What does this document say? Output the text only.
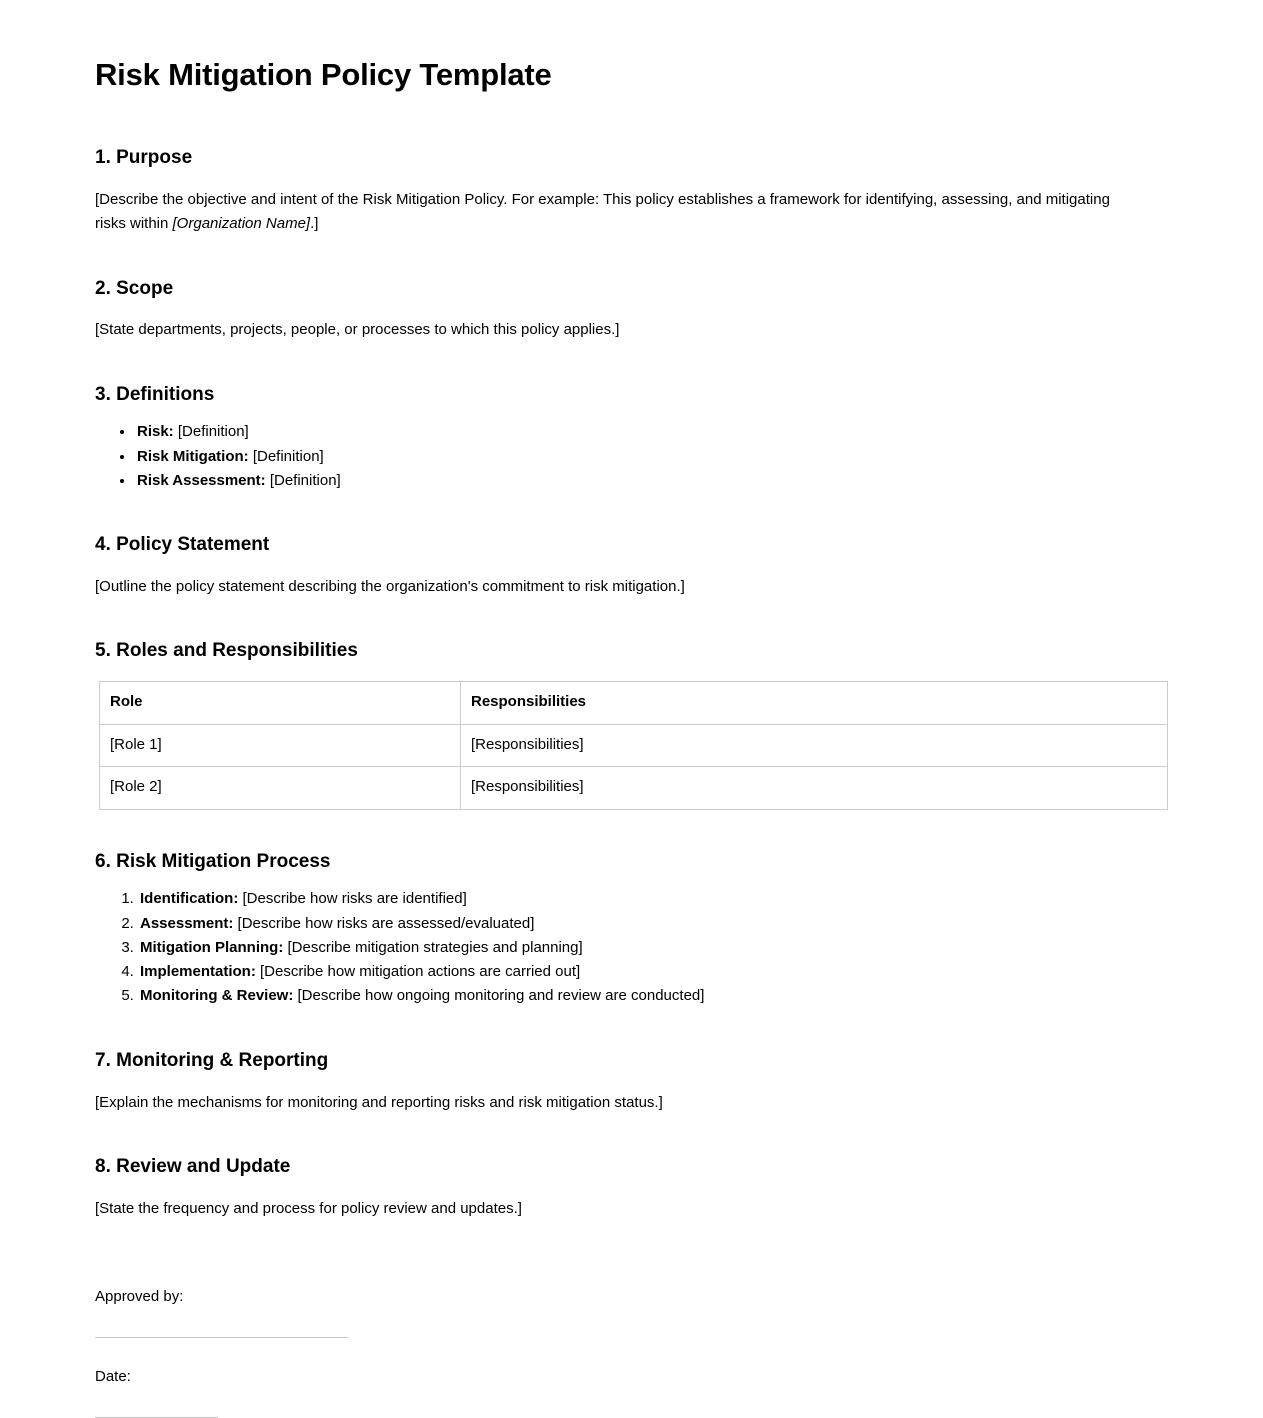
Risk Mitigation Policy Template
1. Purpose

[Describe the objective and intent of the Risk Mitigation Policy. For example: This policy establishes a framework for identifying, assessing, and mitigating risks within [Organization Name].]

2. Scope

[State departments, projects, people, or processes to which this policy applies.]

3. Definitions
• Risk: [Definition]
• Risk Mitigation: [Definition]
• Risk Assessment: [Definition]
4. Policy Statement

[Outline the policy statement describing the organization's commitment to risk mitigation.]

5. Roles and Responsibilities
Role	Responsibilities
[Role 1]	[Responsibilities]
[Role 2]	[Responsibilities]
6. Risk Mitigation Process
1. Identification: [Describe how risks are identified]
2. Assessment: [Describe how risks are assessed/evaluated]
3. Mitigation Planning: [Describe mitigation strategies and planning]
4. Implementation: [Describe how mitigation actions are carried out]
5. Monitoring & Review: [Describe how ongoing monitoring and review are conducted]
7. Monitoring & Reporting

[Explain the mechanisms for monitoring and reporting risks and risk mitigation status.]

8. Review and Update

[State the frequency and process for policy review and updates.]

Approved by:

Date:
